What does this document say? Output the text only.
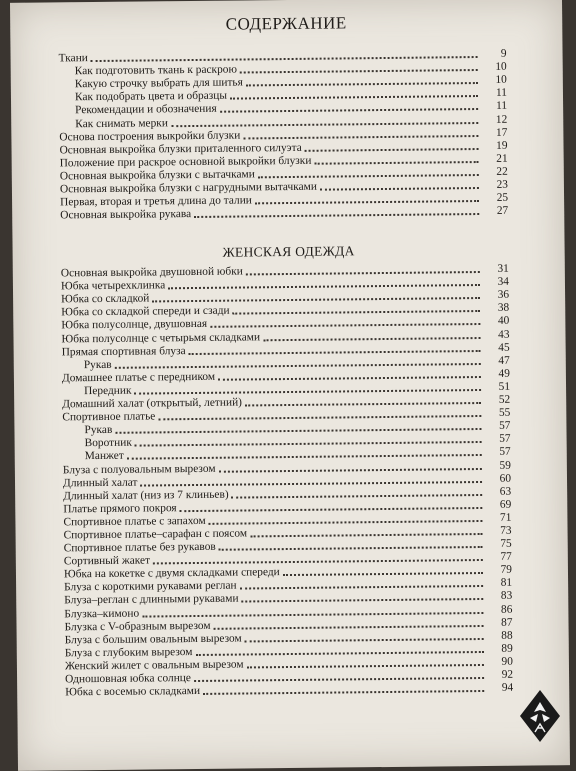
СОДЕРЖАНИЕ
Ткани	9
Как подготовить ткань к раскрою	10
Какую строчку выбрать для шитья	10
Как подобрать цвета и образцы	11
Рекомендации и обозначения	11
Как снимать мерки	12
Основа построения выкройки блузки	17
Основная выкройка блузки приталенного силуэта	19
Положение при раскрое основной выкройки блузки	21
Основная выкройка блузки с вытачками	22
Основная выкройка блузки с нагрудными вытачками	23
Первая, вторая и третья длина до талии	25
Основная выкройка рукава	27
ЖЕНСКАЯ ОДЕЖДА
Основная выкройка двушовной юбки	31
Юбка четырехклинка	34
Юбка со складкой	36
Юбка со складкой спереди и сзади	38
Юбка полусолнце, двушовная	40
Юбка полусолнце с четырьмя складками	43
Прямая спортивная блуза	45
Рукав	47
Домашнее платье с передником	49
Передник	51
Домашний халат (открытый, летний)	52
Спортивное платье	55
Рукав	57
Воротник	57
Манжет	57
Блуза с полуовальным вырезом	59
Длинный халат	60
Длинный халат (низ из 7 клиньев)	63
Платье прямого покроя	69
Спортивное платье с запахом	71
Спортивное платье–сарафан с поясом	73
Спортивное платье без рукавов	75
Сортивный жакет	77
Юбка на кокетке с двумя складками спереди	79
Блуза с короткими рукавами реглан	81
Блуза–реглан с длинными рукавами	83
Блузка–кимоно	86
Блузка с V-образным вырезом	87
Блуза с большим овальным вырезом	88
Блуза с глубоким вырезом	89
Женский жилет с овальным вырезом	90
Одношовная юбка солнце	92
Юбка с восемью складками	94
